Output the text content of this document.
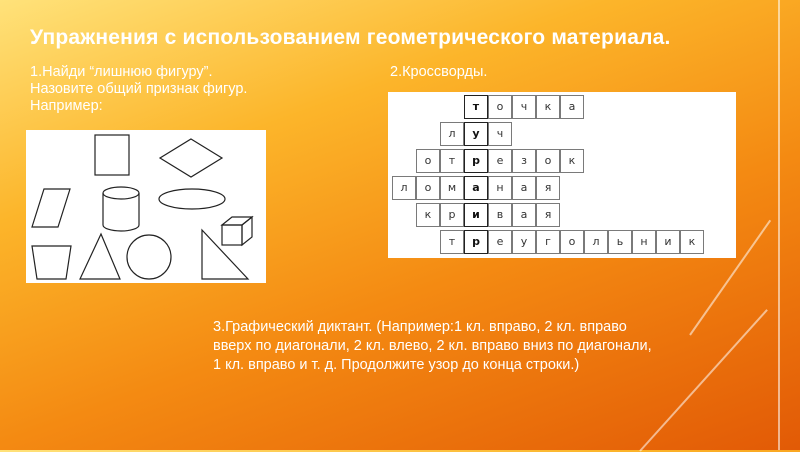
Упражнения с использованием геометрического материала.
1.Найди “лишнюю фигуру”.
Назовите общий признак фигур.
Например:
2.Кроссворды.
т	о	ч	к	а
л	у	ч
о	т	р	е	з	о	к
л	о	м	а	н	а	я
к	р	и	в	а	я
т	р	е	у	г	о	л	ь	н	и	к
3.Графический диктант. (Например:1 кл. вправо, 2 кл. вправо вверх по диагонали, 2 кл. влево, 2 кл. вправо вниз по диагонали, 1 кл. вправо и т. д. Продолжите узор до конца строки.)
